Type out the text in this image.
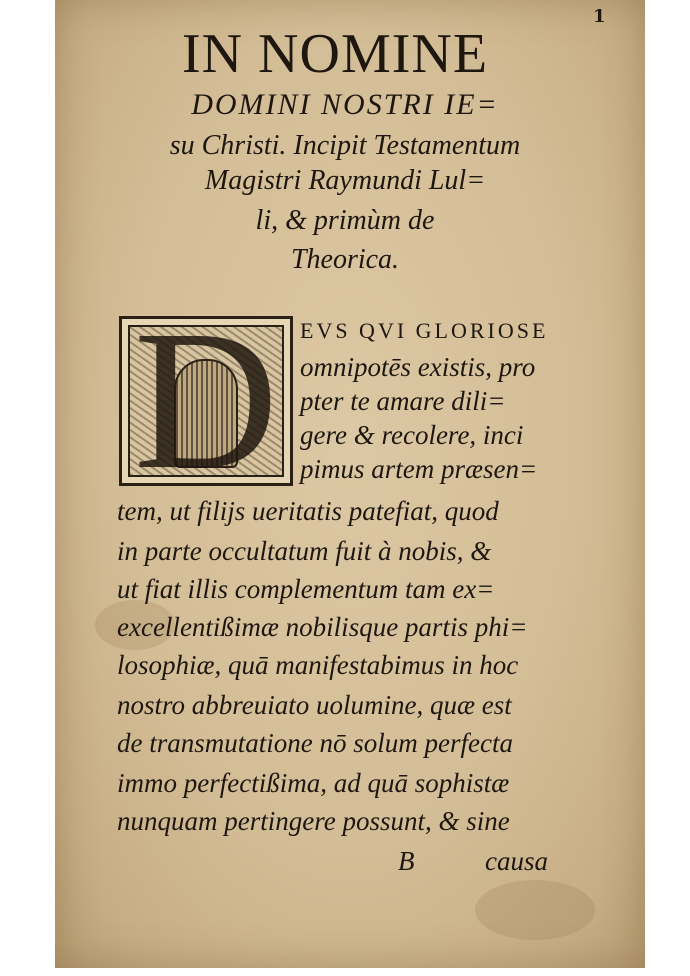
1
IN NOMINE
DOMINI NOSTRI IE=
su Christi. Incipit Testamentum
Magistri Raymundi Lul=
li, & primùm de
Theorica.
D EVS QVI GLORIOSE
omnipotēs existis, pro
pter te amare dili=
gere & recolere, inci
pimus artem præsen=
tem, ut filijs ueritatis patefiat, quod
in parte occultatum fuit à nobis, &
ut fiat illis complementum tam ex=
excellentißimæ nobilisque partis phi=
losophiæ, quā manifestabimus in hoc
nostro abbreuiato uolumine, quæ est
de transmutatione nō solum perfecta
immo perfectißima, ad quā sophistæ
nunquam pertingere possunt, & sine
B	causa
